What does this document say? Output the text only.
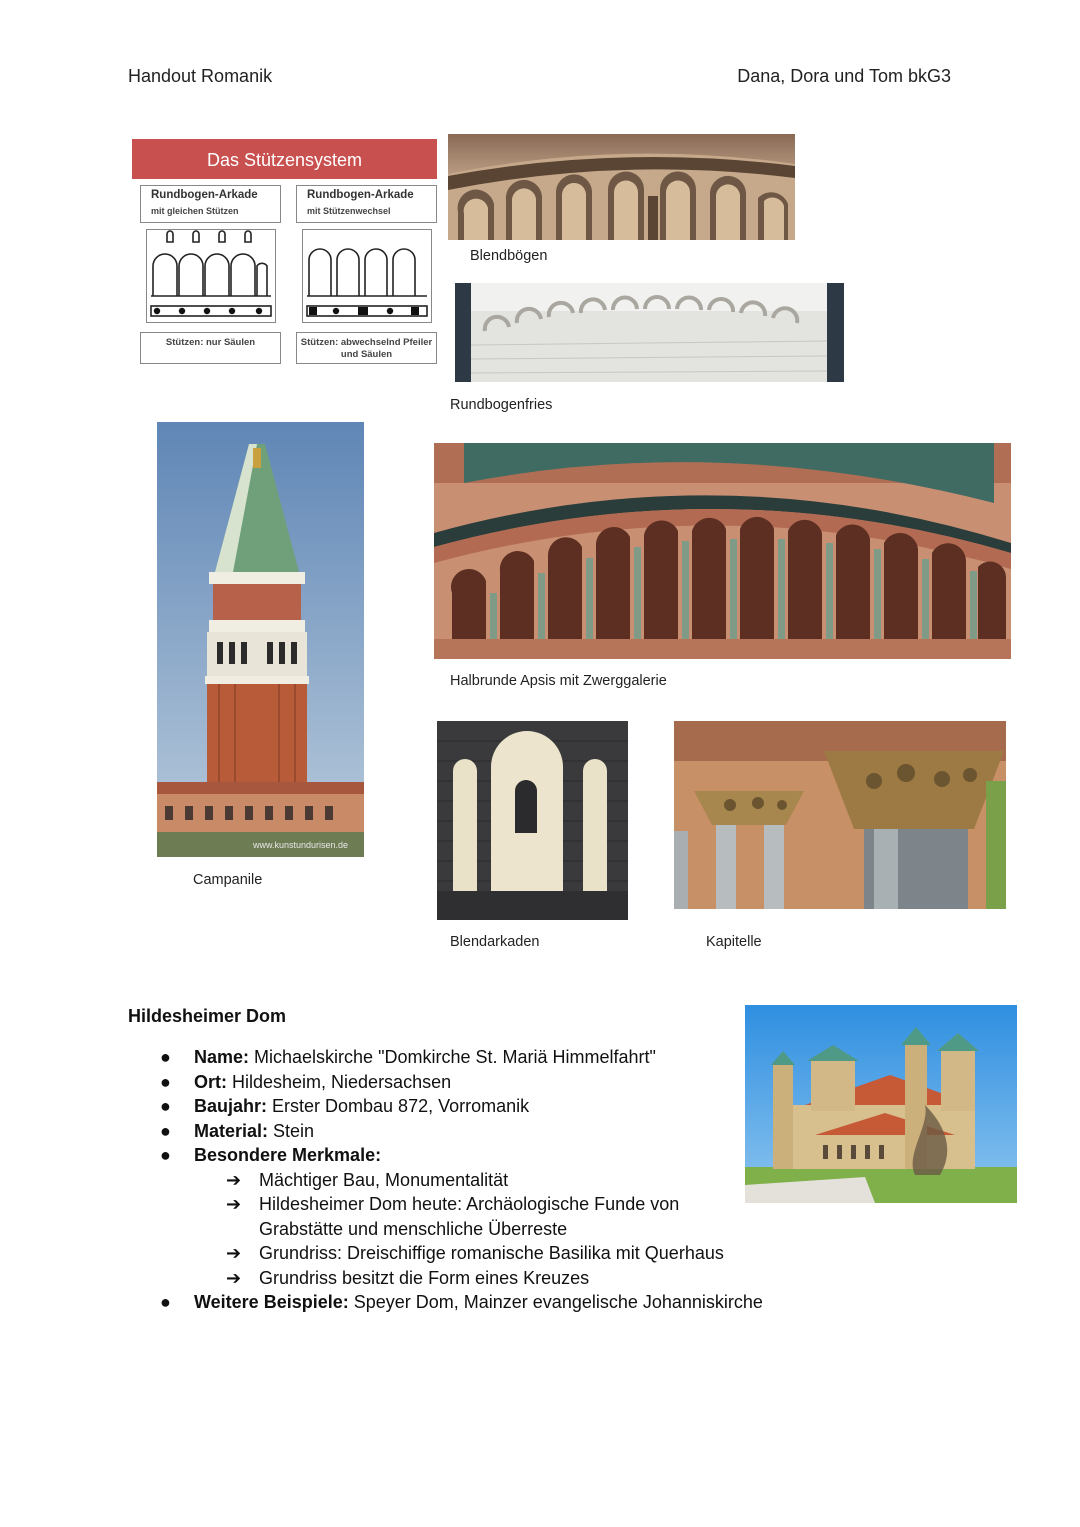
Handout Romanik	Dana, Dora und Tom bkG3
Das Stützensystem
Rundbogen-Arkade
mit gleichen Stützen
Rundbogen-Arkade
mit Stützenwechsel
Stützen: nur Säulen	Stützen: abwechselnd Pfeiler und Säulen
Blendbögen
Rundbogenfries
www.kunstundurisen.de
Campanile
Halbrunde Apsis mit Zwerggalerie
Blendarkaden	Kapitelle
Hildesheimer Dom
● Name: Michaelskirche "Domkirche St. Mariä Himmelfahrt"
● Ort: Hildesheim, Niedersachsen
● Baujahr: Erster Dombau 872, Vorromanik
● Material: Stein
● Besondere Merkmale:
➔ Mächtiger Bau, Monumentalität
➔ Hildesheimer Dom heute: Archäologische Funde von Grabstätte und menschliche Überreste
➔ Grundriss: Dreischiffige romanische Basilika mit Querhaus
➔ Grundriss besitzt die Form eines Kreuzes
● Weitere Beispiele: Speyer Dom, Mainzer evangelische Johanniskirche
